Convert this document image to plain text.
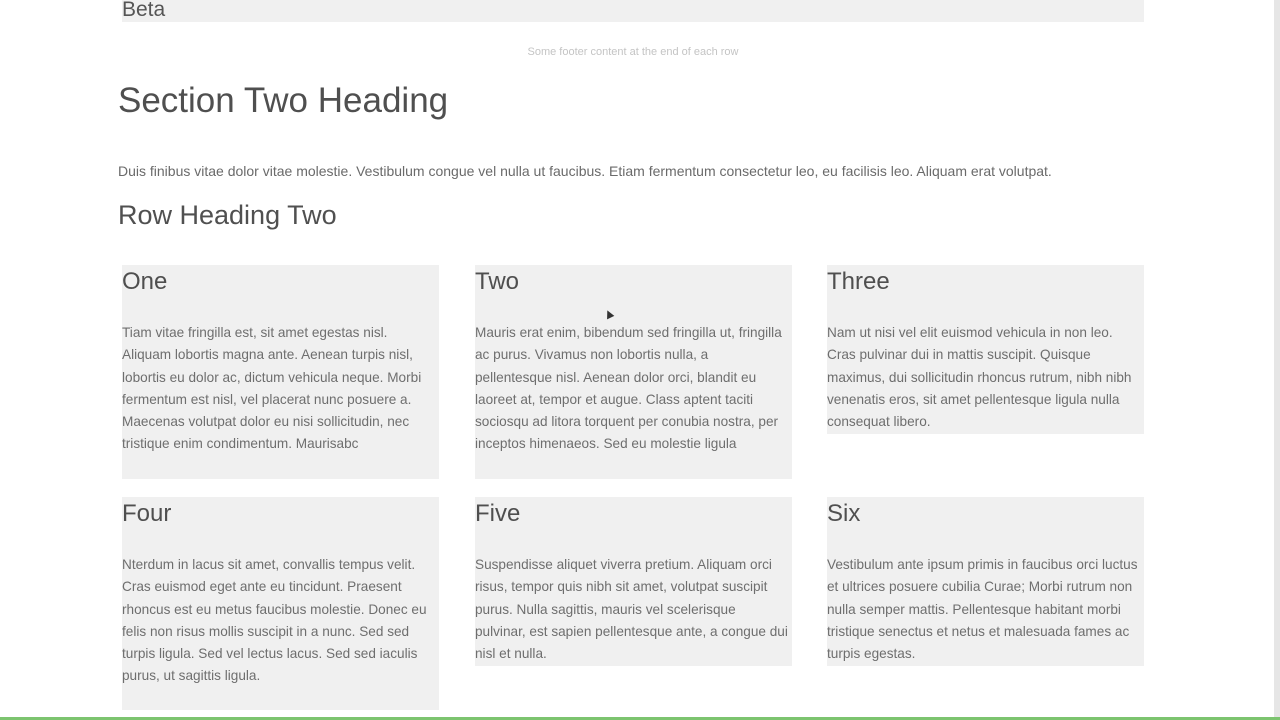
Beta
Some footer content at the end of each row
Section Two Heading

Duis finibus vitae dolor vitae molestie. Vestibulum congue vel nulla ut faucibus. Etiam fermentum consectetur leo, eu facilisis leo. Aliquam erat volutpat.

Row Heading Two
One

Tiam vitae fringilla est, sit amet egestas nisl. Aliquam lobortis magna ante. Aenean turpis nisl, lobortis eu dolor ac, dictum vehicula neque. Morbi fermentum est nisl, vel placerat nunc posuere a. Maecenas volutpat dolor eu nisi sollicitudin, nec tristique enim condimentum. Maurisabc

Two

Mauris erat enim, bibendum sed fringilla ut, fringilla ac purus. Vivamus non lobortis nulla, a pellentesque nisl. Aenean dolor orci, blandit eu laoreet at, tempor et augue. Class aptent taciti sociosqu ad litora torquent per conubia nostra, per inceptos himenaeos. Sed eu molestie ligula

Three

Nam ut nisi vel elit euismod vehicula in non leo. Cras pulvinar dui in mattis suscipit. Quisque maximus, dui sollicitudin rhoncus rutrum, nibh nibh venenatis eros, sit amet pellentesque ligula nulla consequat libero.

Four

Nterdum in lacus sit amet, convallis tempus velit. Cras euismod eget ante eu tincidunt. Praesent rhoncus est eu metus faucibus molestie. Donec eu felis non risus mollis suscipit in a nunc. Sed sed turpis ligula. Sed vel lectus lacus. Sed sed iaculis purus, ut sagittis ligula.

Five

Suspendisse aliquet viverra pretium. Aliquam orci risus, tempor quis nibh sit amet, volutpat suscipit purus. Nulla sagittis, mauris vel scelerisque pulvinar, est sapien pellentesque ante, a congue dui nisl et nulla.

Six

Vestibulum ante ipsum primis in faucibus orci luctus et ultrices posuere cubilia Curae; Morbi rutrum non nulla semper mattis. Pellentesque habitant morbi tristique senectus et netus et malesuada fames ac turpis egestas.
